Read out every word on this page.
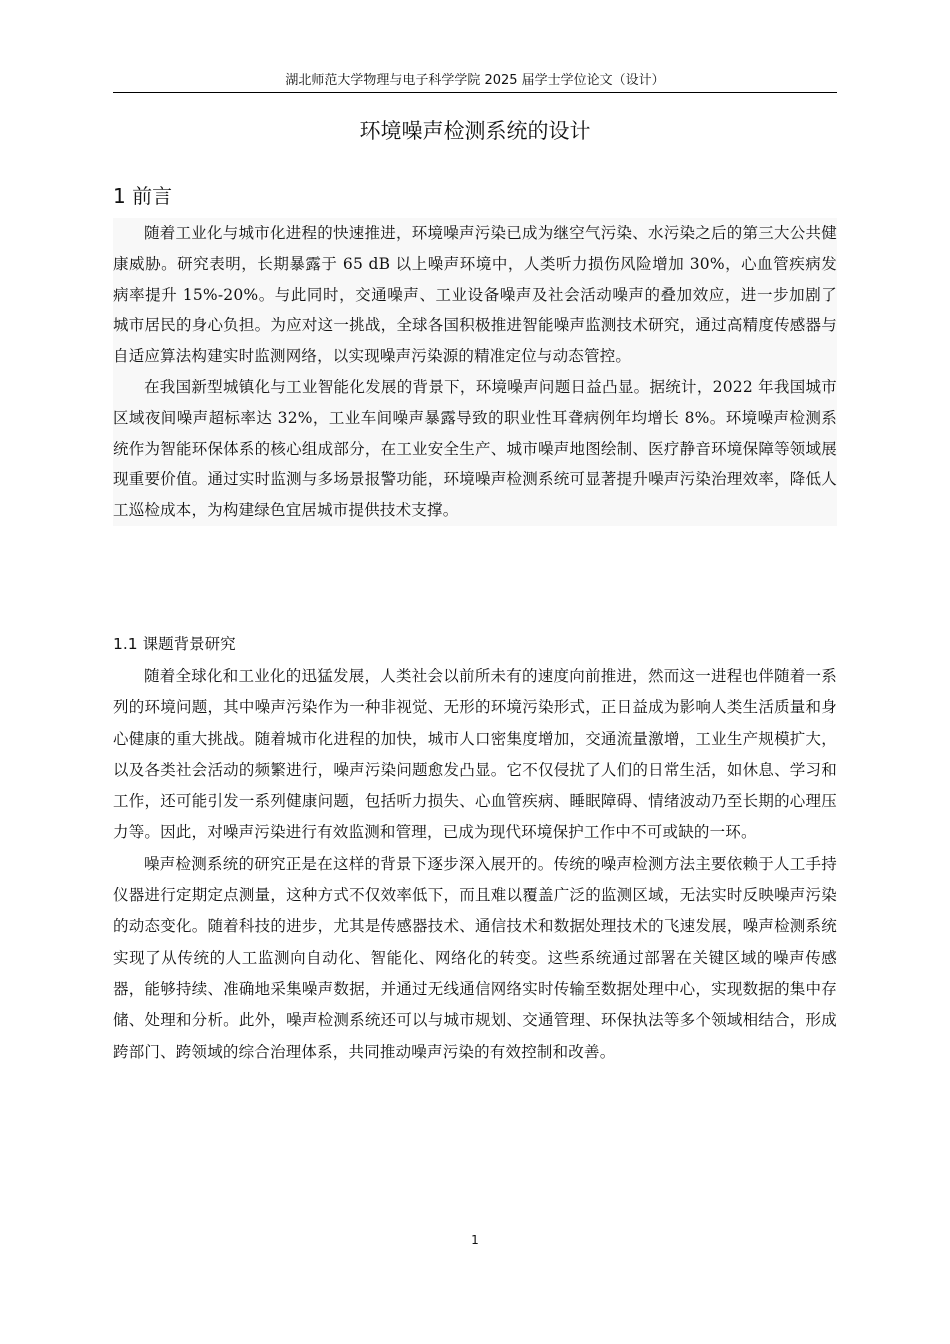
湖北师范大学物理与电子科学学院 2025 届学士学位论文（设计）
环境噪声检测系统的设计
1 前言

随着工业化与城市化进程的快速推进，环境噪声污染已成为继空气污染、水污染之后的第三大公共健康威胁。研究表明，长期暴露于 65 dB 以上噪声环境中，人类听力损伤风险增加 30%，心血管疾病发病率提升 15%-20%。与此同时，交通噪声、工业设备噪声及社会活动噪声的叠加效应，进一步加剧了城市居民的身心负担。为应对这一挑战，全球各国积极推进智能噪声监测技术研究，通过高精度传感器与自适应算法构建实时监测网络，以实现噪声污染源的精准定位与动态管控。

在我国新型城镇化与工业智能化发展的背景下，环境噪声问题日益凸显。据统计，2022 年我国城市区域夜间噪声超标率达 32%，工业车间噪声暴露导致的职业性耳聋病例年均增长 8%。环境噪声检测系统作为智能环保体系的核心组成部分，在工业安全生产、城市噪声地图绘制、医疗静音环境保障等领域展现重要价值。通过实时监测与多场景报警功能，环境噪声检测系统可显著提升噪声污染治理效率，降低人工巡检成本，为构建绿色宜居城市提供技术支撑。

1.1 课题背景研究

随着全球化和工业化的迅猛发展，人类社会以前所未有的速度向前推进，然而这一进程也伴随着一系列的环境问题，其中噪声污染作为一种非视觉、无形的环境污染形式，正日益成为影响人类生活质量和身心健康的重大挑战。随着城市化进程的加快，城市人口密集度增加，交通流量激增，工业生产规模扩大，以及各类社会活动的频繁进行，噪声污染问题愈发凸显。它不仅侵扰了人们的日常生活，如休息、学习和工作，还可能引发一系列健康问题，包括听力损失、心血管疾病、睡眠障碍、情绪波动乃至长期的心理压力等。因此，对噪声污染进行有效监测和管理，已成为现代环境保护工作中不可或缺的一环。

噪声检测系统的研究正是在这样的背景下逐步深入展开的。传统的噪声检测方法主要依赖于人工手持仪器进行定期定点测量，这种方式不仅效率低下，而且难以覆盖广泛的监测区域，无法实时反映噪声污染的动态变化。随着科技的进步，尤其是传感器技术、通信技术和数据处理技术的飞速发展，噪声检测系统实现了从传统的人工监测向自动化、智能化、网络化的转变。这些系统通过部署在关键区域的噪声传感器，能够持续、准确地采集噪声数据，并通过无线通信网络实时传输至数据处理中心，实现数据的集中存储、处理和分析。此外，噪声检测系统还可以与城市规划、交通管理、环保执法等多个领域相结合，形成跨部门、跨领域的综合治理体系，共同推动噪声污染的有效控制和改善。

1
